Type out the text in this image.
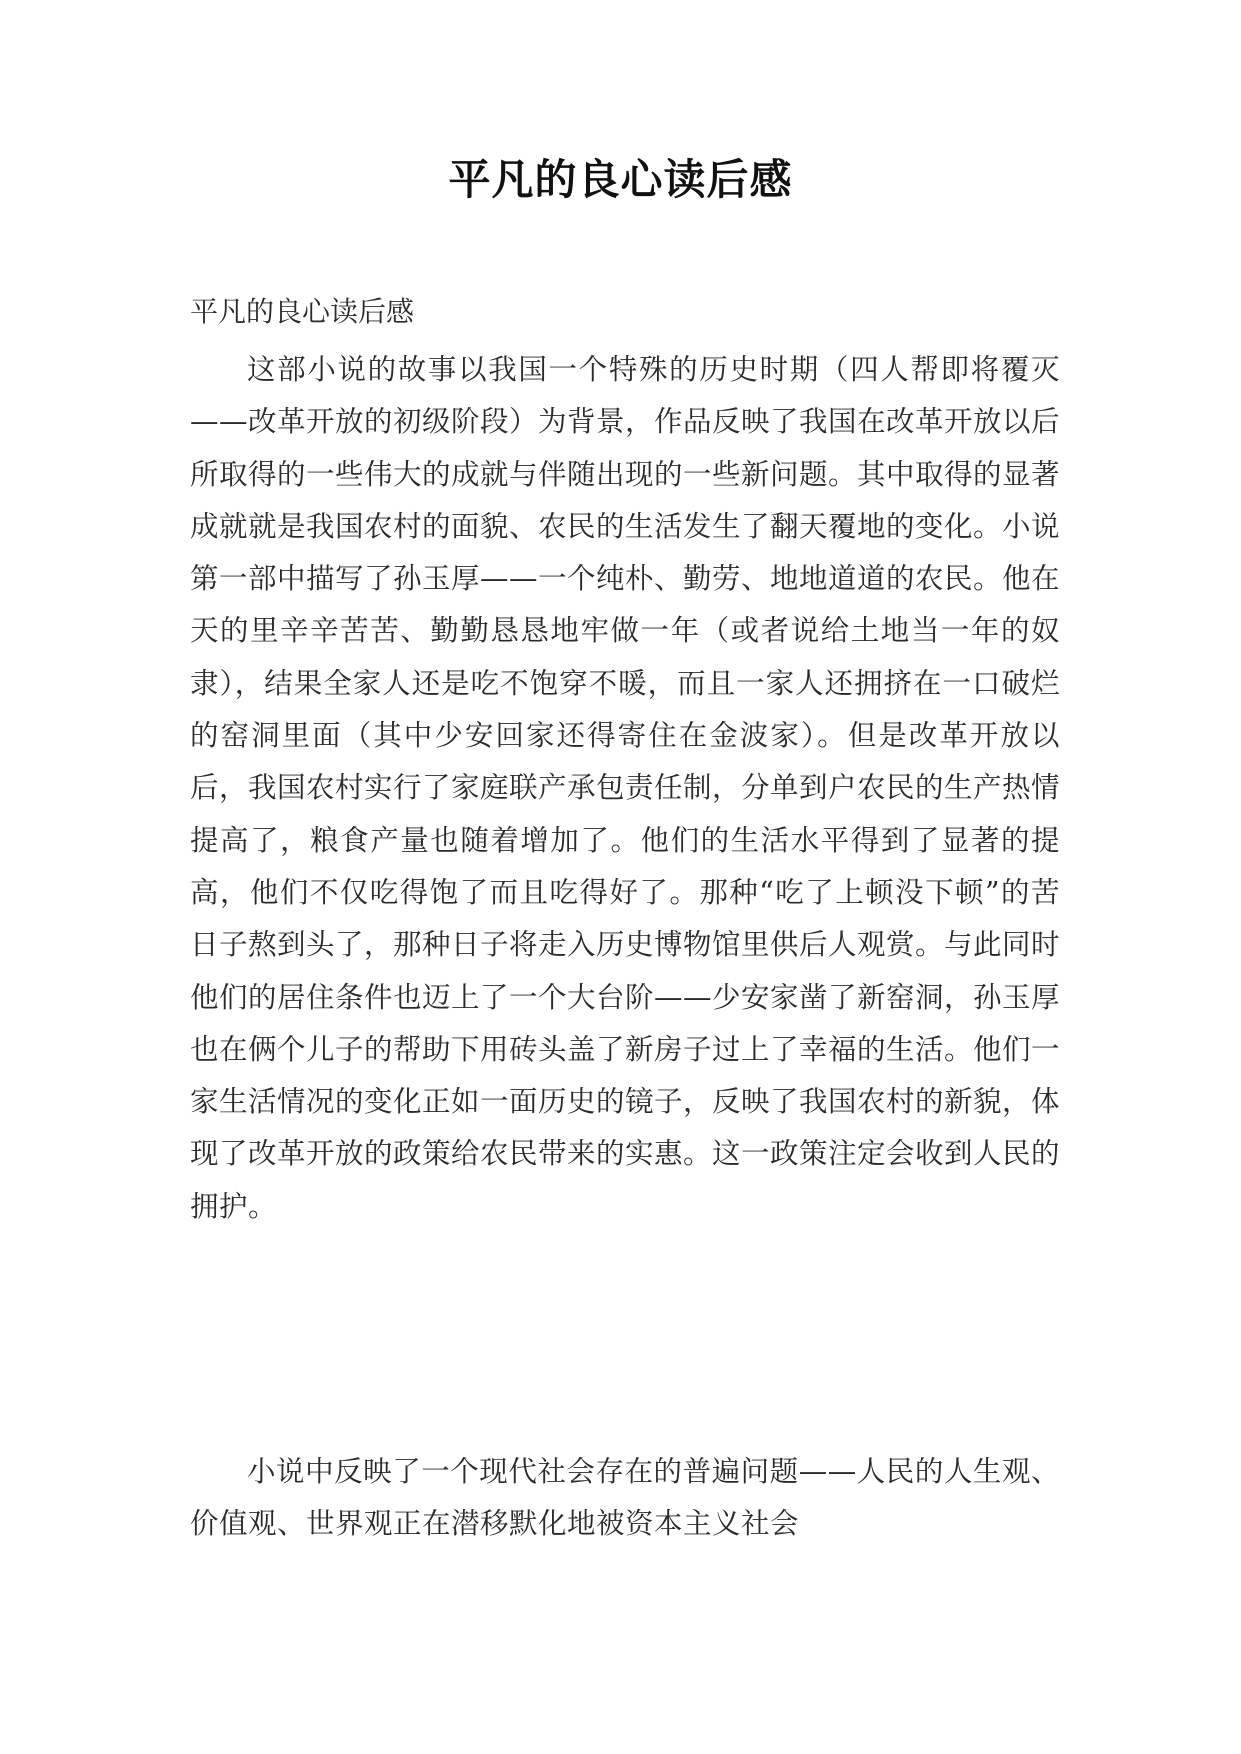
平凡的良心读后感

平凡的良心读后感

这部小说的故事以我国一个特殊的历史时期（四人帮即将覆灭——改革开放的初级阶段）为背景，作品反映了我国在改革开放以后所取得的一些伟大的成就与伴随出现的一些新问题。其中取得的显著成就就是我国农村的面貌、农民的生活发生了翻天覆地的变化。小说第一部中描写了孙玉厚——一个纯朴、勤劳、地地道道的农民。他在天的里辛辛苦苦、勤勤恳恳地牢做一年（或者说给土地当一年的奴隶），结果全家人还是吃不饱穿不暖，而且一家人还拥挤在一口破烂的窑洞里面（其中少安回家还得寄住在金波家）。但是改革开放以后，我国农村实行了家庭联产承包责任制，分单到户农民的生产热情提高了，粮食产量也随着增加了。他们的生活水平得到了显著的提高，他们不仅吃得饱了而且吃得好了。那种“吃了上顿没下顿”的苦日子熬到头了，那种日子将走入历史博物馆里供后人观赏。与此同时他们的居住条件也迈上了一个大台阶——少安家凿了新窑洞，孙玉厚也在俩个儿子的帮助下用砖头盖了新房子过上了幸福的生活。他们一家生活情况的变化正如一面历史的镜子，反映了我国农村的新貌，体现了改革开放的政策给农民带来的实惠。这一政策注定会收到人民的拥护。

小说中反映了一个现代社会存在的普遍问题——人民的人生观、价值观、世界观正在潜移默化地被资本主义社会
